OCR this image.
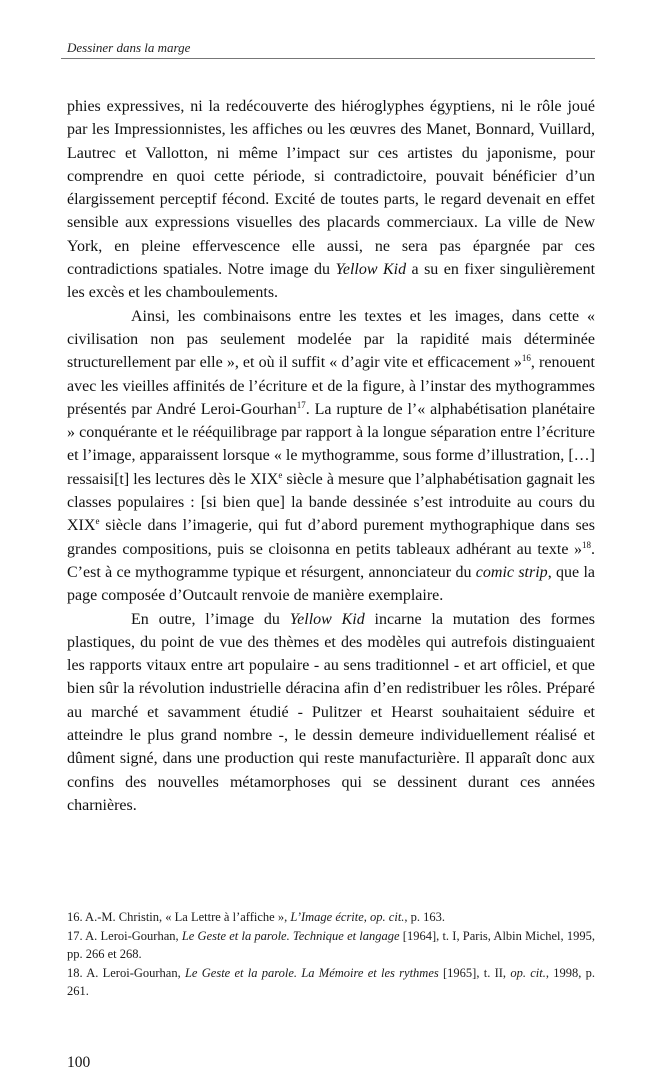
Dessiner dans la marge

phies expressives, ni la redécouverte des hiéroglyphes égyptiens, ni le rôle joué par les Impressionnistes, les affiches ou les œuvres des Manet, Bonnard, Vuillard, Lautrec et Vallotton, ni même l’impact sur ces artistes du japonisme, pour comprendre en quoi cette période, si contradictoire, pouvait bénéficier d’un élargissement perceptif fécond. Excité de toutes parts, le regard devenait en effet sensible aux expressions visuelles des placards commerciaux. La ville de New York, en pleine effervescence elle aussi, ne sera pas épargnée par ces contradictions spatiales. Notre image du Yellow Kid a su en fixer singulièrement les excès et les chamboulements.

Ainsi, les combinaisons entre les textes et les images, dans cette « civilisation non pas seulement modelée par la rapidité mais déterminée structurellement par elle », et où il suffit « d’agir vite et efficacement »$^{16}$, renouent avec les vieilles affinités de l’écriture et de la figure, à l’instar des mythogrammes présentés par André Leroi-Gourhan$^{17}$. La rupture de l’« alphabétisation planétaire » conquérante et le rééquilibrage par rapport à la longue séparation entre l’écriture et l’image, apparaissent lorsque « le mythogramme, sous forme d’illustration, […] ressaisi[t] les lectures dès le XIXe siècle à mesure que l’alphabétisation gagnait les classes populaires : [si bien que] la bande dessinée s’est introduite au cours du XIXe siècle dans l’imagerie, qui fut d’abord purement mythographique dans ses grandes compositions, puis se cloisonna en petits tableaux adhérant au texte »$^{18}$. C’est à ce mythogramme typique et résurgent, annonciateur du comic strip, que la page composée d’Outcault renvoie de manière exemplaire.

En outre, l’image du Yellow Kid incarne la mutation des formes plastiques, du point de vue des thèmes et des modèles qui autrefois distinguaient les rapports vitaux entre art populaire - au sens traditionnel - et art officiel, et que bien sûr la révolution industrielle déracina afin d’en redistribuer les rôles. Préparé au marché et savamment étudié - Pulitzer et Hearst souhaitaient séduire et atteindre le plus grand nombre -, le dessin demeure individuellement réalisé et dûment signé, dans une production qui reste manufacturière. Il apparaît donc aux confins des nouvelles métamorphoses qui se dessinent durant ces années charnières.

16. A.-M. Christin, « La Lettre à l’affiche », L’Image écrite, op. cit., p. 163.
17. A. Leroi-Gourhan, Le Geste et la parole. Technique et langage [1964], t. I, Paris, Albin Michel, 1995, pp. 266 et 268.
18. A. Leroi-Gourhan, Le Geste et la parole. La Mémoire et les rythmes [1965], t. II, op. cit., 1998, p. 261.
100
